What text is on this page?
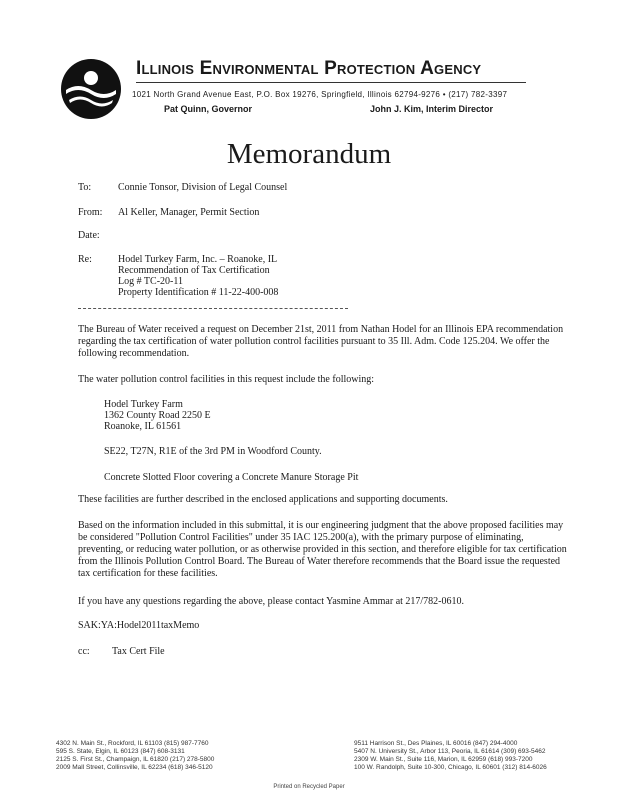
Illinois Environmental Protection Agency
1021 North Grand Avenue East, P.O. Box 19276, Springfield, Illinois 62794-9276 • (217) 782-3397
Pat Quinn, Governor	John J. Kim, Interim Director
Memorandum
To:	Connie Tonsor, Division of Legal Counsel
From: Al Keller, Manager, Permit Section
Date:
Re:	Hodel Turkey Farm, Inc. – Roanoke, IL
Recommendation of Tax Certification
Log # TC-20-11
Property Identification # 11-22-400-008
The Bureau of Water received a request on December 21st, 2011 from Nathan Hodel for an Illinois EPA recommendation regarding the tax certification of water pollution control facilities pursuant to 35 Ill. Adm. Code 125.204. We offer the following recommendation.
The water pollution control facilities in this request include the following:
Hodel Turkey Farm
1362 County Road 2250 E
Roanoke, IL 61561
SE22, T27N, R1E of the 3rd PM in Woodford County.
Concrete Slotted Floor covering a Concrete Manure Storage Pit
These facilities are further described in the enclosed applications and supporting documents.
Based on the information included in this submittal, it is our engineering judgment that the above proposed facilities may be considered "Pollution Control Facilities" under 35 IAC 125.200(a), with the primary purpose of eliminating, preventing, or reducing water pollution, or as otherwise provided in this section, and therefore eligible for tax certification from the Illinois Pollution Control Board. The Bureau of Water therefore recommends that the Board issue the requested tax certification for these facilities.
If you have any questions regarding the above, please contact Yasmine Ammar at 217/782-0610.
SAK:YA:Hodel2011taxMemo
cc: Tax Cert File
4302 N. Main St., Rockford, IL 61103 (815) 987-7760
595 S. State, Elgin, IL 60123 (847) 608-3131
2125 S. First St., Champaign, IL 61820 (217) 278-5800
2009 Mall Street, Collinsville, IL 62234 (618) 346-5120
9511 Harrison St., Des Plaines, IL 60016 (847) 294-4000
5407 N. University St., Arbor 113, Peoria, IL 61614 (309) 693-5462
2309 W. Main St., Suite 116, Marion, IL 62959 (618) 993-7200
100 W. Randolph, Suite 10-300, Chicago, IL 60601 (312) 814-6026
Printed on Recycled Paper
